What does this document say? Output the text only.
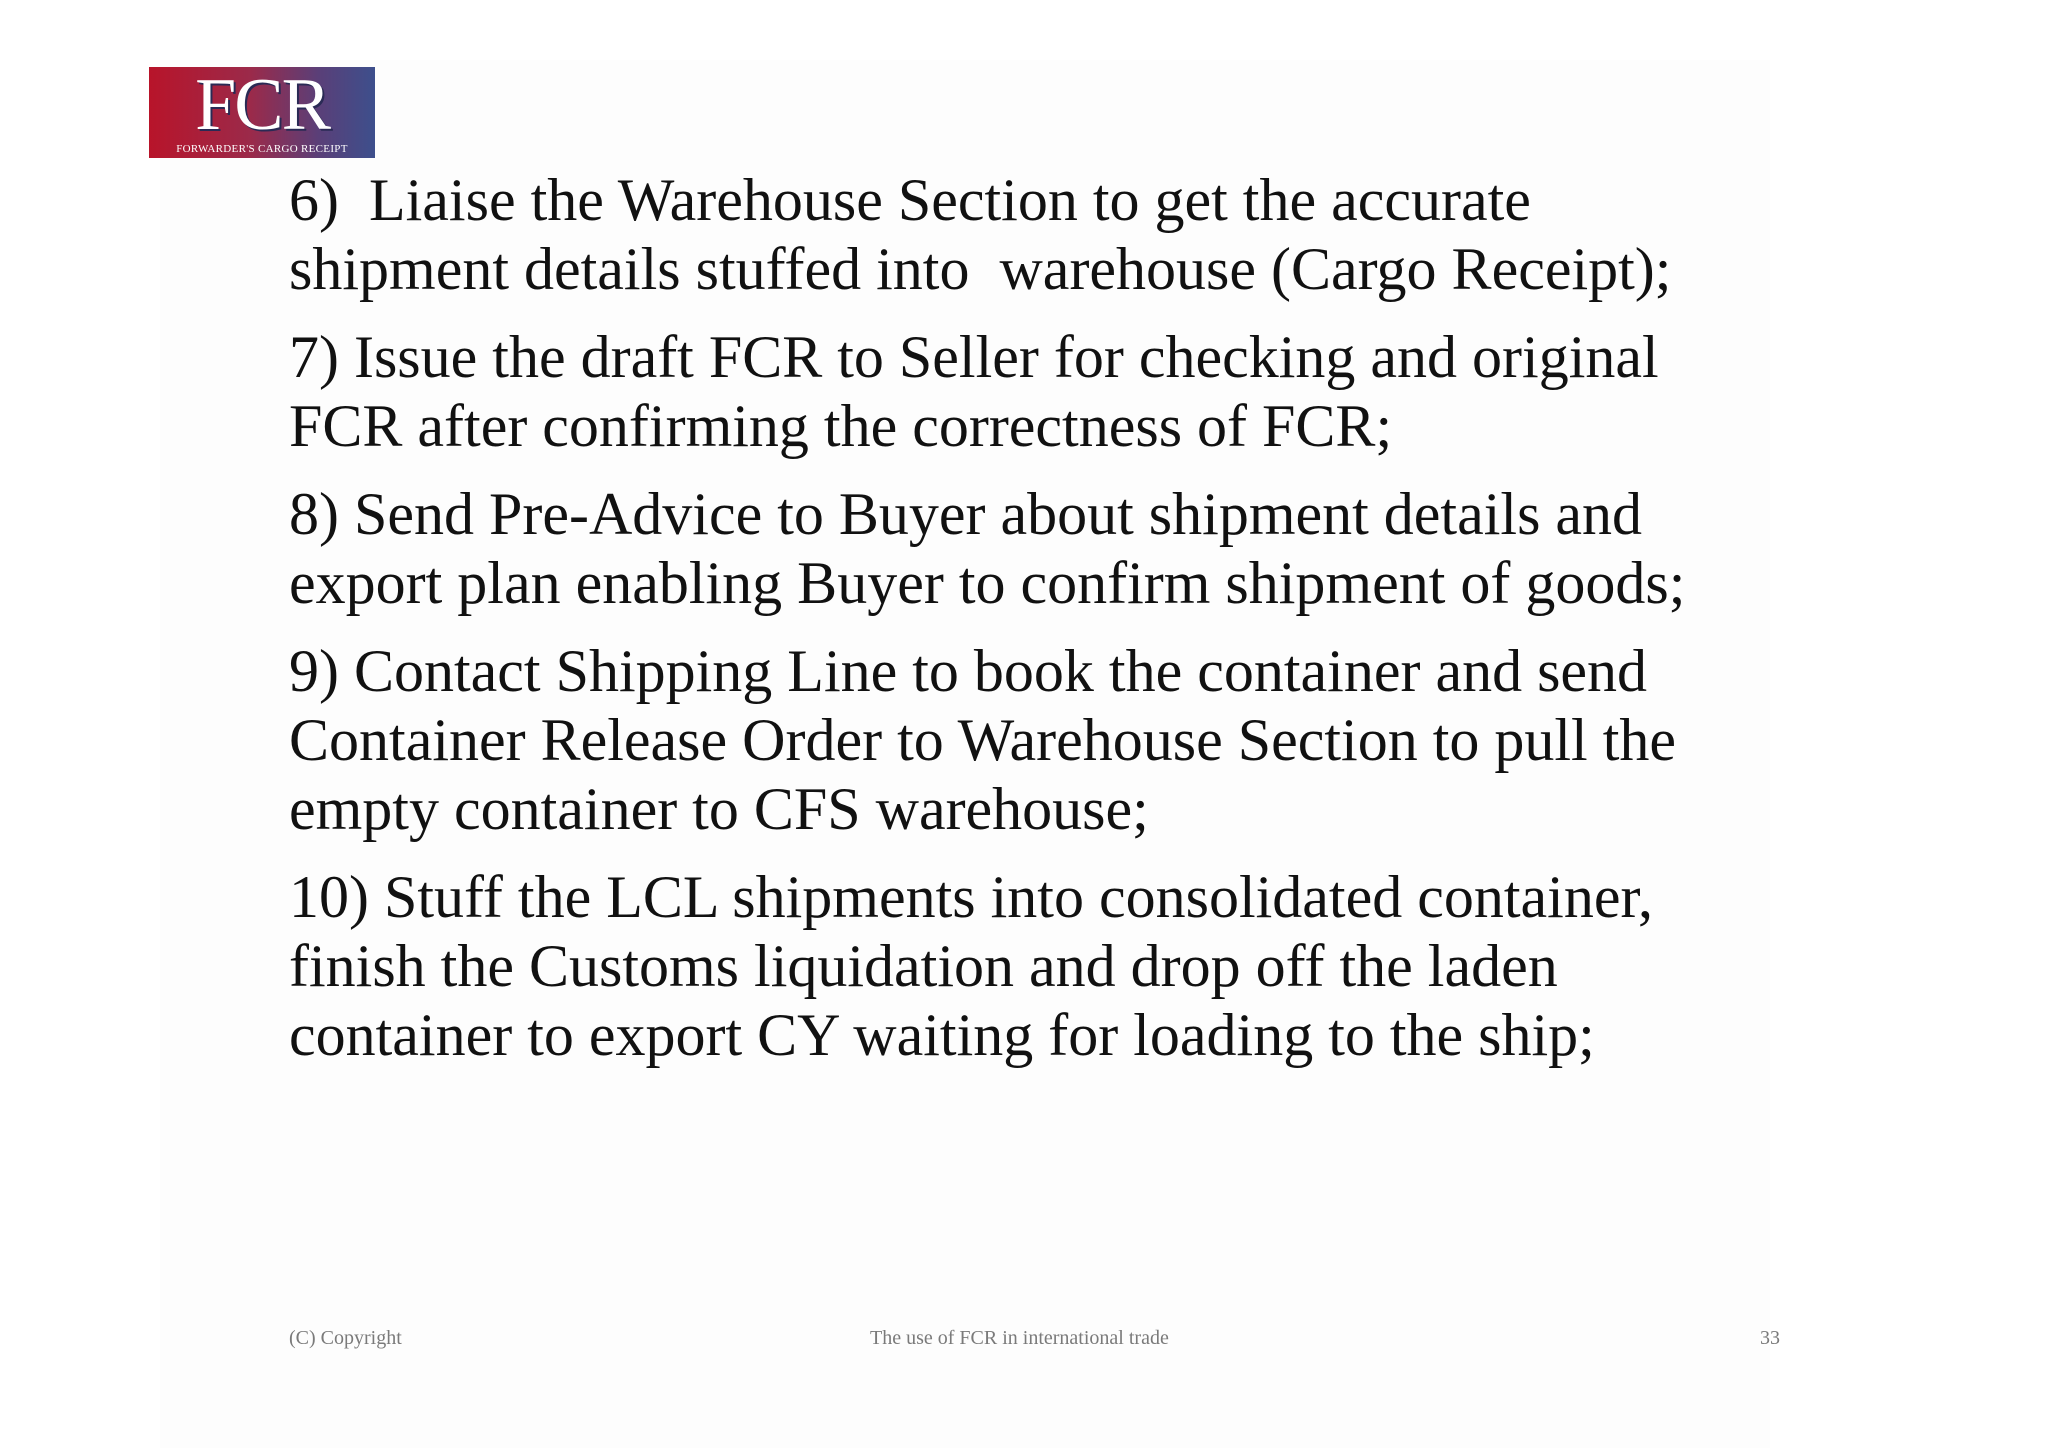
FCR
FORWARDER'S CARGO RECEIPT
6)  Liaise the Warehouse Section to get the accurate
shipment details stuffed into  warehouse (Cargo Receipt);
7) Issue the draft FCR to Seller for checking and original
FCR after confirming the correctness of FCR;
8) Send Pre-Advice to Buyer about shipment details and
export plan enabling Buyer to confirm shipment of goods;
9) Contact Shipping Line to book the container and send
Container Release Order to Warehouse Section to pull the
empty container to CFS warehouse;
10) Stuff the LCL shipments into consolidated container,
finish the Customs liquidation and drop off the laden
container to export CY waiting for loading to the ship;
(C) Copyright	The use of FCR in international trade	33
